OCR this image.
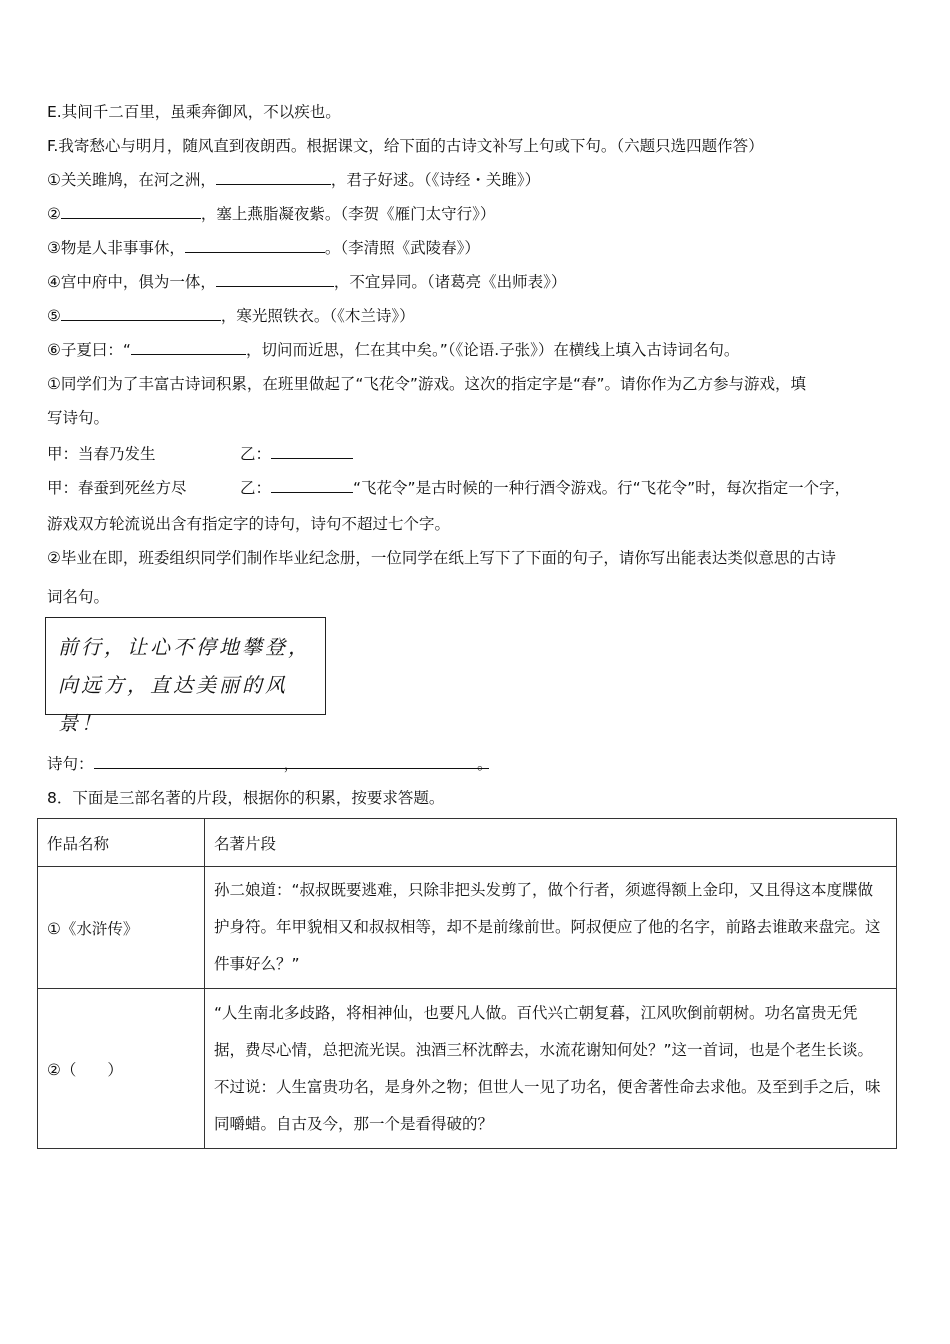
E.其间千二百里，虽乘奔御风，不以疾也。
F.我寄愁心与明月，随风直到夜朗西。根据课文，给下面的古诗文补写上句或下句。（六题只选四题作答）
①关关雎鸠，在河之洲，	，君子好逑。（《诗经・关雎》）
②	，塞上燕脂凝夜紫。（李贺《雁门太守行》）
③物是人非事事休，	。（李清照《武陵春》）
④宫中府中，俱为一体，	，不宜异同。（诸葛亮《出师表》）
⑤	，寒光照铁衣。（《木兰诗》）
⑥子夏曰：“	，切问而近思，仁在其中矣。”（《论语.子张》）在横线上填入古诗词名句。
①同学们为了丰富古诗词积累，在班里做起了“飞花令”游戏。这次的指定字是“春”。请你作为乙方参与游戏，填
写诗句。
甲：当春乃发生	乙：
甲：春蚕到死丝方尽	乙：	“飞花令”是古时候的一种行酒令游戏。行“飞花令”时，每次指定一个字，
游戏双方轮流说出含有指定字的诗句，诗句不超过七个字。
②毕业在即，班委组织同学们制作毕业纪念册，一位同学在纸上写下了下面的句子，请你写出能表达类似意思的古诗
词名句。
前行，让心不停地攀登，
向远方，直达美丽的风景！
诗句：	，	。
8．下面是三部名著的片段，根据你的积累，按要求答题。
作品名称	名著片段
①《水浒传》	孙二娘道：“叔叔既要逃难，只除非把头发剪了，做个行者，须遮得额上金印，又且得这本度牒做护身符。年甲貌相又和叔叔相等，却不是前缘前世。阿叔便应了他的名字，前路去谁敢来盘完。这件事好么？”
②（　　）	“人生南北多歧路，将相神仙，也要凡人做。百代兴亡朝复暮，江风吹倒前朝树。功名富贵无凭据，费尽心情，总把流光误。浊酒三杯沈醉去，水流花谢知何处？”这一首词，也是个老生长谈。不过说：人生富贵功名，是身外之物；但世人一见了功名，便舍著性命去求他。及至到手之后，味同嚼蜡。自古及今，那一个是看得破的？
